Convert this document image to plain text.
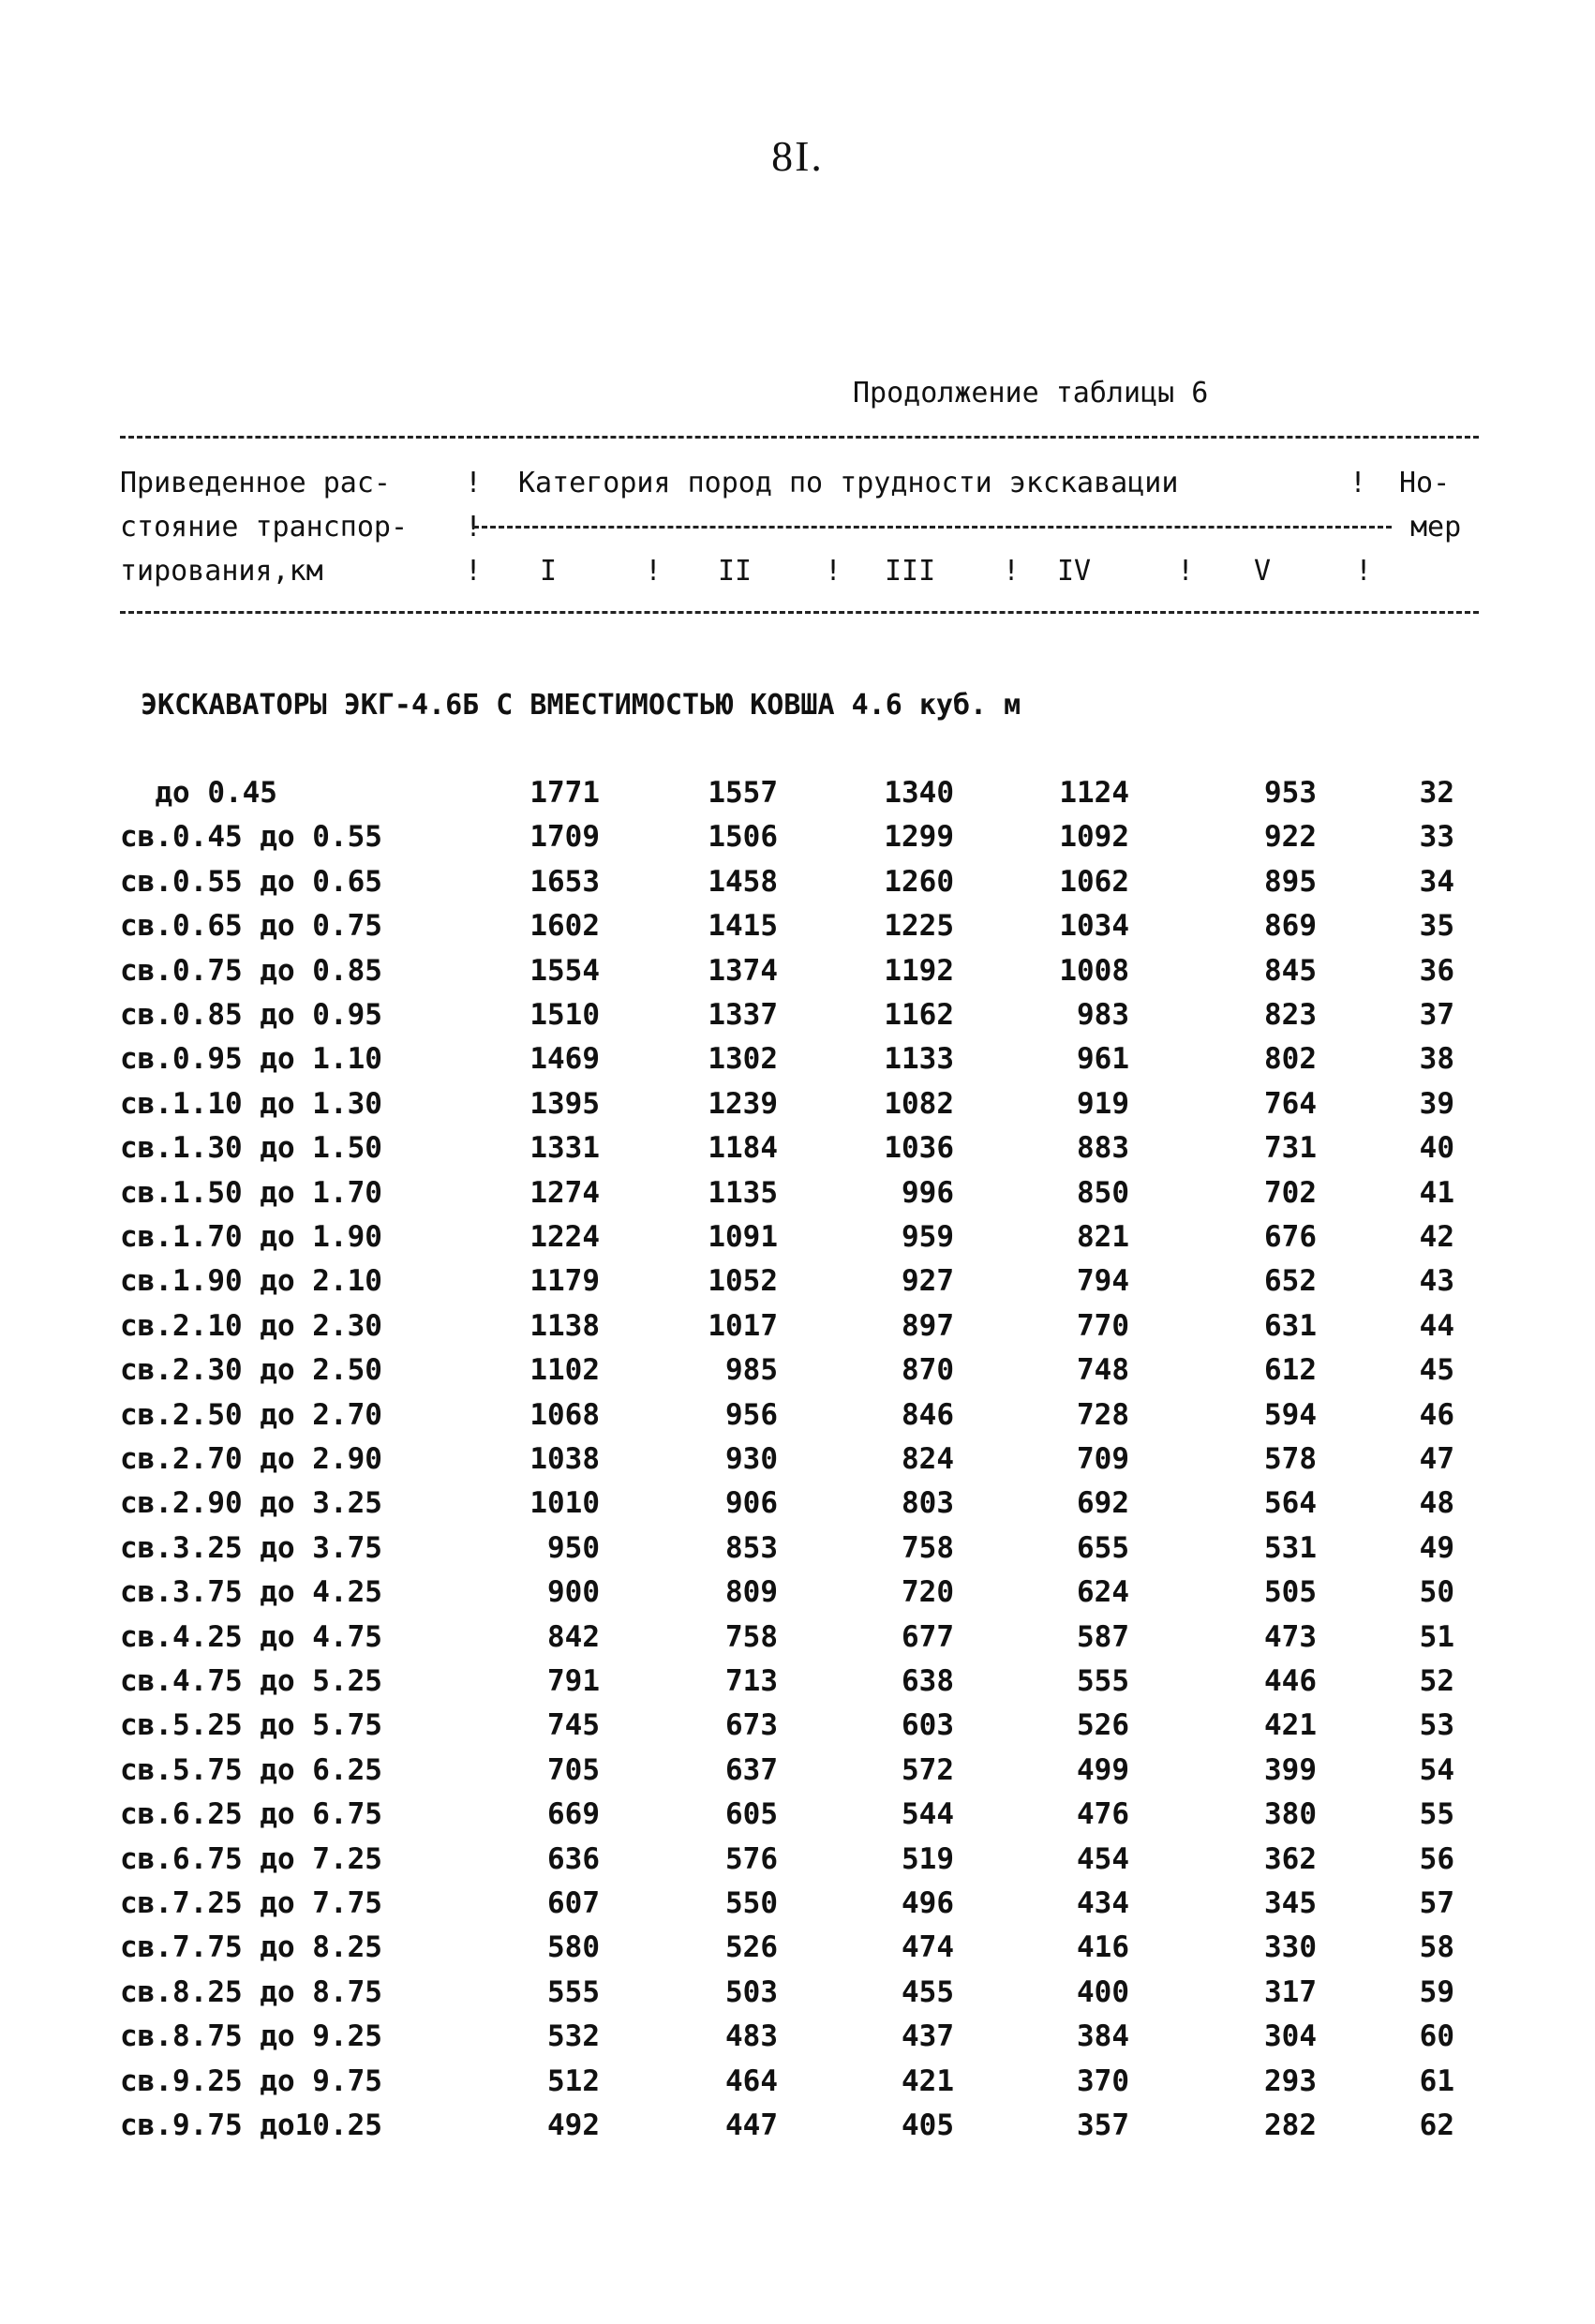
8I.
Продолжение таблицы 6
Приведенное рас-	! Категория пород по трудности экскавации	! Но-
стояние транспор- !	мер
тирования,км	! I	! II	! III ! IV	! V	!
ЭКСКАВАТОРЫ ЭКГ-4.6Б С ВМЕСТИМОСТЬЮ КОВША 4.6 куб. м
до 0.45	1771	1557	1340	1124	953	32
св.0.45 до 0.55	1709	1506	1299	1092	922	33
св.0.55 до 0.65	1653	1458	1260	1062	895	34
св.0.65 до 0.75	1602	1415	1225	1034	869	35
св.0.75 до 0.85	1554	1374	1192	1008	845	36
св.0.85 до 0.95	1510	1337	1162	983	823	37
св.0.95 до 1.10	1469	1302	1133	961	802	38
св.1.10 до 1.30	1395	1239	1082	919	764	39
св.1.30 до 1.50	1331	1184	1036	883	731	40
св.1.50 до 1.70	1274	1135	996	850	702	41
св.1.70 до 1.90	1224	1091	959	821	676	42
св.1.90 до 2.10	1179	1052	927	794	652	43
св.2.10 до 2.30	1138	1017	897	770	631	44
св.2.30 до 2.50	1102	985	870	748	612	45
св.2.50 до 2.70	1068	956	846	728	594	46
св.2.70 до 2.90	1038	930	824	709	578	47
св.2.90 до 3.25	1010	906	803	692	564	48
св.3.25 до 3.75	950	853	758	655	531	49
св.3.75 до 4.25	900	809	720	624	505	50
св.4.25 до 4.75	842	758	677	587	473	51
св.4.75 до 5.25	791	713	638	555	446	52
св.5.25 до 5.75	745	673	603	526	421	53
св.5.75 до 6.25	705	637	572	499	399	54
св.6.25 до 6.75	669	605	544	476	380	55
св.6.75 до 7.25	636	576	519	454	362	56
св.7.25 до 7.75	607	550	496	434	345	57
св.7.75 до 8.25	580	526	474	416	330	58
св.8.25 до 8.75	555	503	455	400	317	59
св.8.75 до 9.25	532	483	437	384	304	60
св.9.25 до 9.75	512	464	421	370	293	61
св.9.75 до10.25	492	447	405	357	282	62
